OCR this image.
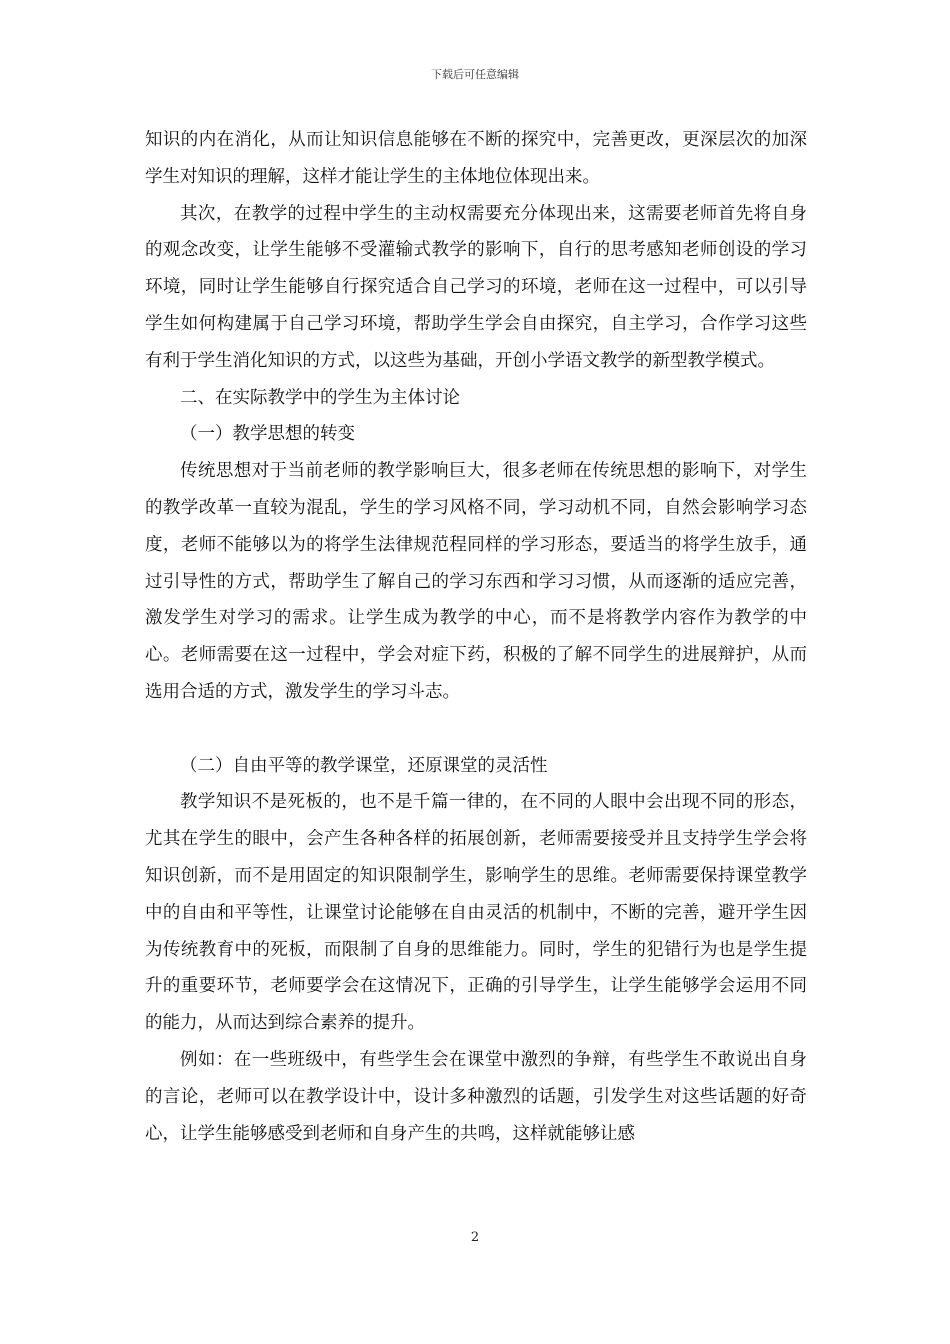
下载后可任意编辑

知识的内在消化，从而让知识信息能够在不断的探究中，完善更改，更深层次的加深学生对知识的理解，这样才能让学生的主体地位体现出来。

其次，在教学的过程中学生的主动权需要充分体现出来，这需要老师首先将自身的观念改变，让学生能够不受灌输式教学的影响下，自行的思考感知老师创设的学习环境，同时让学生能够自行探究适合自己学习的环境，老师在这一过程中，可以引导学生如何构建属于自己学习环境，帮助学生学会自由探究，自主学习，合作学习这些有利于学生消化知识的方式，以这些为基础，开创小学语文教学的新型教学模式。

二、在实际教学中的学生为主体讨论

（一）教学思想的转变

传统思想对于当前老师的教学影响巨大，很多老师在传统思想的影响下，对学生的教学改革一直较为混乱，学生的学习风格不同，学习动机不同，自然会影响学习态度，老师不能够以为的将学生法律规范程同样的学习形态，要适当的将学生放手，通过引导性的方式，帮助学生了解自己的学习东西和学习习惯，从而逐渐的适应完善，激发学生对学习的需求。让学生成为教学的中心，而不是将教学内容作为教学的中心。老师需要在这一过程中，学会对症下药，积极的了解不同学生的进展辩护，从而选用合适的方式，激发学生的学习斗志。

（二）自由平等的教学课堂，还原课堂的灵活性

教学知识不是死板的，也不是千篇一律的，在不同的人眼中会出现不同的形态，尤其在学生的眼中，会产生各种各样的拓展创新，老师需要接受并且支持学生学会将知识创新，而不是用固定的知识限制学生，影响学生的思维。老师需要保持课堂教学中的自由和平等性，让课堂讨论能够在自由灵活的机制中，不断的完善，避开学生因为传统教育中的死板，而限制了自身的思维能力。同时，学生的犯错行为也是学生提升的重要环节，老师要学会在这情况下，正确的引导学生，让学生能够学会运用不同的能力，从而达到综合素养的提升。

例如：在一些班级中，有些学生会在课堂中激烈的争辩，有些学生不敢说出自身的言论，老师可以在教学设计中，设计多种激烈的话题，引发学生对这些话题的好奇心，让学生能够感受到老师和自身产生的共鸣，这样就能够让感

2
